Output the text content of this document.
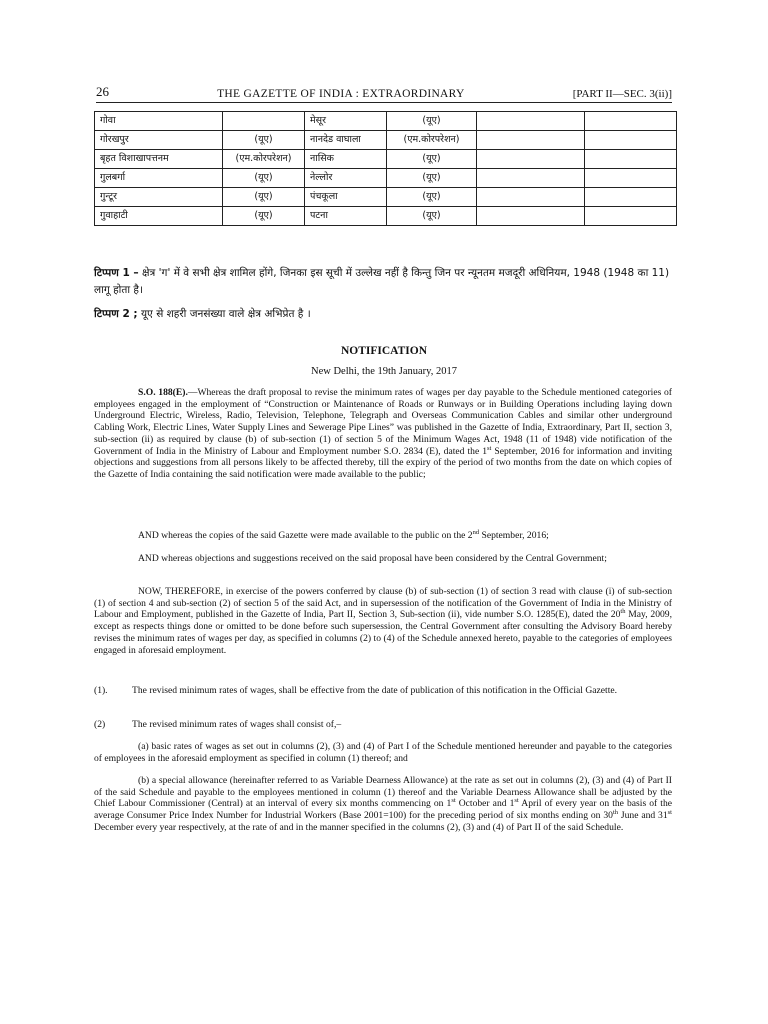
26	THE GAZETTE OF INDIA : EXTRAORDINARY	[PART II—SEC. 3(ii)]
गोवा		मेसूर	(यूए)		
गोरखपुर	(यूए)	नानदेड वाघाला	(एम.कोरपरेशन)		
बृहत विशाखापत्तनम	(एम.कोरपरेशन)	नासिक	(यूए)		
गुलबर्गा	(यूए)	नेल्लोर	(यूए)		
गुन्टूर	(यूए)	पंचकूला	(यूए)		
गुवाहाटी	(यूए)	पटना	(यूए)		
टिप्पण 1 – क्षेत्र 'ग' में वे सभी क्षेत्र शामिल होंगे, जिनका इस सूची में उल्लेख नहीं है किन्तु जिन पर न्यूनतम मजदूरी अधिनियम, 1948 (1948 का 11) लागू होता है।
टिप्पण 2 ; यूए से शहरी जनसंख्या वाले क्षेत्र अभिप्रेत है ।
NOTIFICATION
New Delhi, the 19th January, 2017

S.O. 188(E).—Whereas the draft proposal to revise the minimum rates of wages per day payable to the Schedule mentioned categories of employees engaged in the employment of “Construction or Maintenance of Roads or Runways or in Building Operations including laying down Underground Electric, Wireless, Radio, Television, Telephone, Telegraph and Overseas Communication Cables and similar other underground Cabling Work, Electric Lines, Water Supply Lines and Sewerage Pipe Lines” was published in the Gazette of India, Extraordinary, Part II, section 3, sub-section (ii) as required by clause (b) of sub-section (1) of section 5 of the Minimum Wages Act, 1948 (11 of 1948) vide notification of the Government of India in the Ministry of Labour and Employment number S.O. 2834 (E), dated the 1st September, 2016 for information and inviting objections and suggestions from all persons likely to be affected thereby, till the expiry of the period of two months from the date on which copies of the Gazette of India containing the said notification were made available to the public;

AND whereas the copies of the said Gazette were made available to the public on the 2nd September, 2016;

AND whereas objections and suggestions received on the said proposal have been considered by the Central Government;

NOW, THEREFORE, in exercise of the powers conferred by clause (b) of sub-section (1) of section 3 read with clause (i) of sub-section (1) of section 4 and sub-section (2) of section 5 of the said Act, and in supersession of the notification of the Government of India in the Ministry of Labour and Employment, published in the Gazette of India, Part II, Section 3, Sub-section (ii), vide number S.O. 1285(E), dated the 20th May, 2009, except as respects things done or omitted to be done before such supersession, the Central Government after consulting the Advisory Board hereby revises the minimum rates of wages per day, as specified in columns (2) to (4) of the Schedule annexed hereto, payable to the categories of employees engaged in aforesaid employment.

(1).	The revised minimum rates of wages, shall be effective from the date of publication of this notification in the Official Gazette.
(2)	The revised minimum rates of wages shall consist of,–

(a) basic rates of wages as set out in columns (2), (3) and (4) of Part I of the Schedule mentioned hereunder and payable to the categories of employees in the aforesaid employment as specified in column (1) thereof; and

(b) a special allowance (hereinafter referred to as Variable Dearness Allowance) at the rate as set out in columns (2), (3) and (4) of Part II of the said Schedule and payable to the employees mentioned in column (1) thereof and the Variable Dearness Allowance shall be adjusted by the Chief Labour Commissioner (Central) at an interval of every six months commencing on 1st October and 1st April of every year on the basis of the average Consumer Price Index Number for Industrial Workers (Base 2001=100) for the preceding period of six months ending on 30th June and 31st December every year respectively, at the rate of and in the manner specified in the columns (2), (3) and (4) of Part II of the said Schedule.
